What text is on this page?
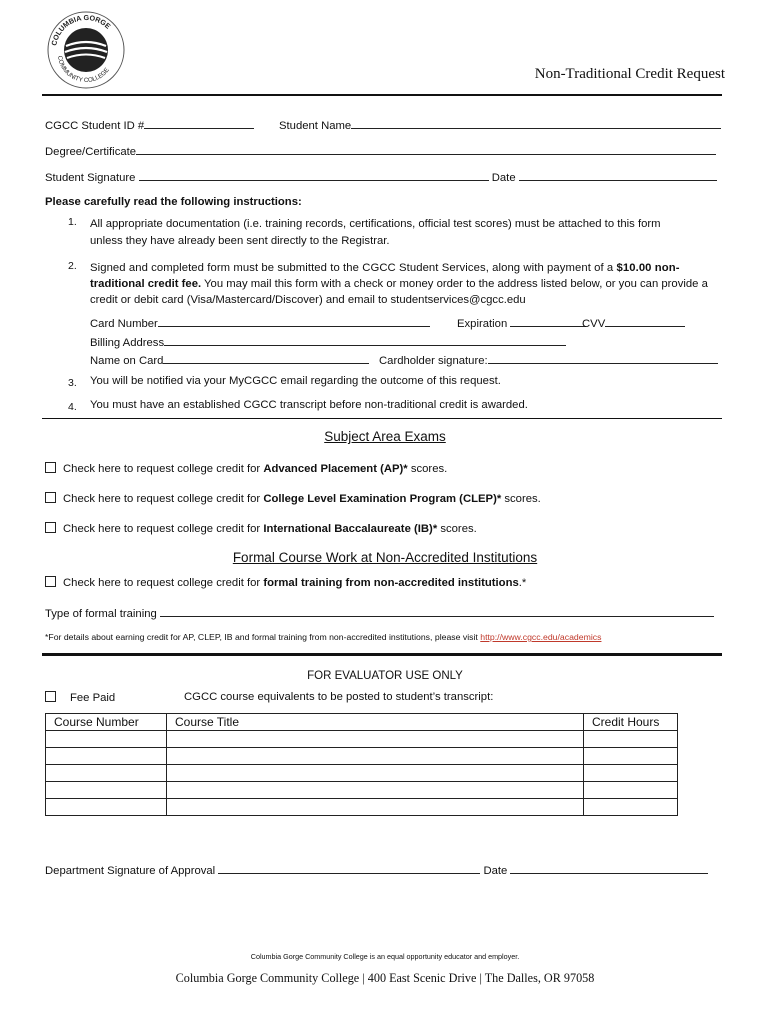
COLUMBIA GORGE
COMMUNITY COLLEGE	Non-Traditional Credit Request
CGCC Student ID #	Student Name
Degree/Certificate
Student Signature	Date
Please carefully read the following instructions:
1. All appropriate documentation (i.e. training records, certifications, official test scores) must be attached to this form
unless they have already been sent directly to the Registrar.
2. Signed and completed form must be submitted to the CGCC Student Services, along with payment of a $10.00 non-
traditional credit fee. You may mail this form with a check or money order to the address listed below, or you can provide a
credit or debit card (Visa/Mastercard/Discover) and email to studentservices@cgcc.edu
Card Number	Expiration	CVV
Billing Address
Name on Card	Cardholder signature:
3. You will be notified via your MyCGCC email regarding the outcome of this request.
4. You must have an established CGCC transcript before non-traditional credit is awarded.
Subject Area Exams
Check here to request college credit for Advanced Placement (AP)* scores.
Check here to request college credit for College Level Examination Program (CLEP)* scores.
Check here to request college credit for International Baccalaureate (IB)* scores.
Formal Course Work at Non-Accredited Institutions
Check here to request college credit for formal training from non-accredited institutions.*
Type of formal training
*For details about earning credit for AP, CLEP, IB and formal training from non-accredited institutions, please visit http://www.cgcc.edu/academics
FOR EVALUATOR USE ONLY
Fee Paid	CGCC course equivalents to be posted to student’s transcript:
Course Number	Course Title	Credit Hours

Department Signature of Approval	Date
Columbia Gorge Community College is an equal opportunity educator and employer.
Columbia Gorge Community College | 400 East Scenic Drive | The Dalles, OR 97058
